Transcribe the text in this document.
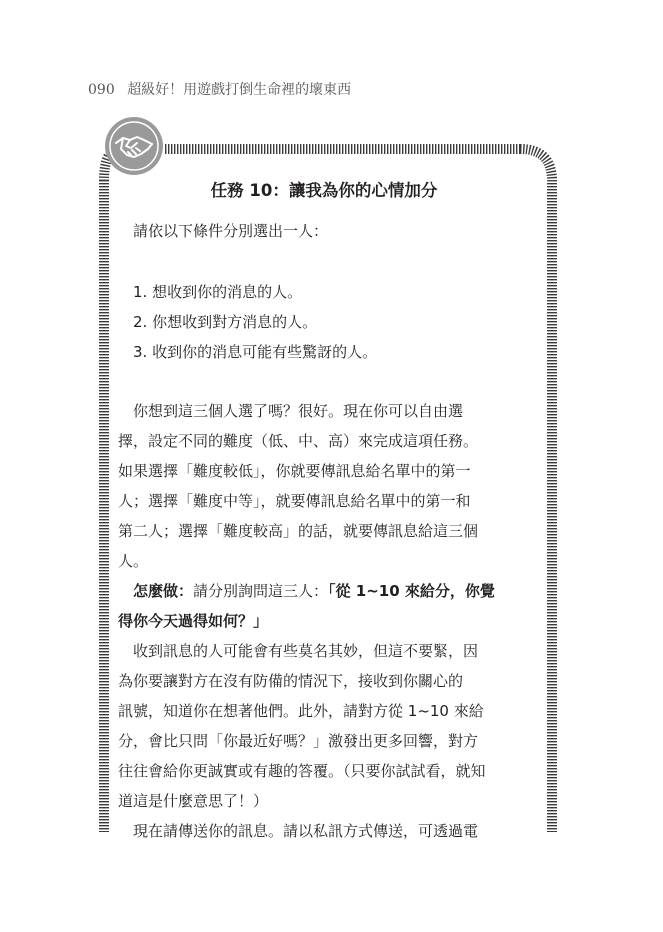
090 超級好！用遊戲打倒生命裡的壞東西
任務 10：讓我為你的心情加分
請依以下條件分別選出一人：
1. 想收到你的消息的人。
2. 你想收到對方消息的人。
3. 收到你的消息可能有些驚訝的人。
你想到這三個人選了嗎？很好。現在你可以自由選
擇，設定不同的難度（低、中、高）來完成這項任務。
如果選擇「難度較低」，你就要傳訊息給名單中的第一
人；選擇「難度中等」，就要傳訊息給名單中的第一和
第二人；選擇「難度較高」的話，就要傳訊息給這三個
人。
怎麼做：請分別詢問這三人：「從 1~10 來給分，你覺
得你今天過得如何？」
收到訊息的人可能會有些莫名其妙，但這不要緊，因
為你要讓對方在沒有防備的情況下，接收到你關心的
訊號，知道你在想著他們。此外，請對方從 1~10 來給
分，會比只問「你最近好嗎？」激發出更多回響，對方
往往會給你更誠實或有趣的答覆。（只要你試試看，就知
道這是什麼意思了！）
現在請傳送你的訊息。請以私訊方式傳送，可透過電
